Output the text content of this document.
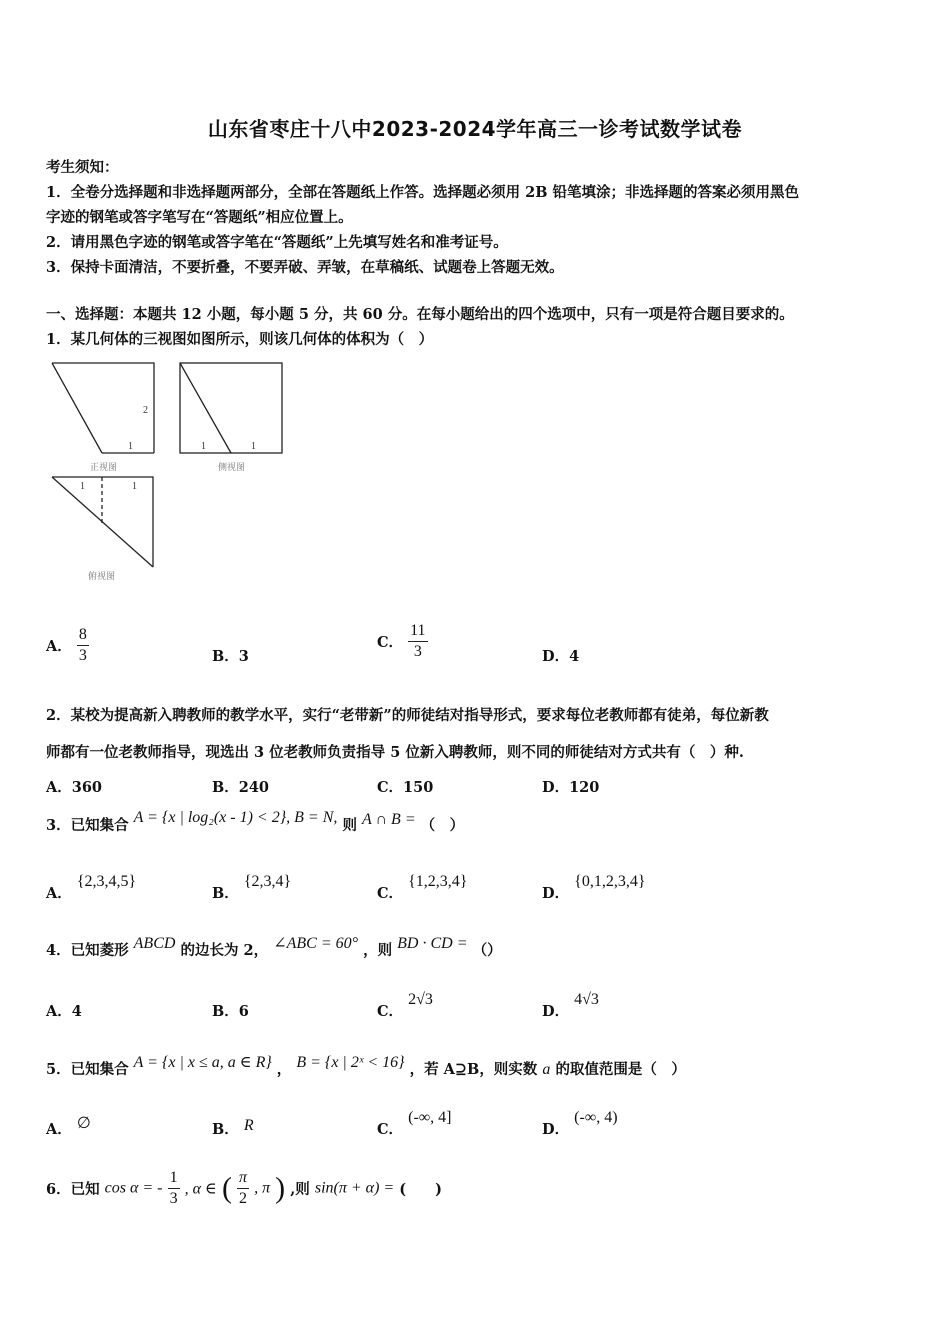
山东省枣庄十八中2023-2024学年高三一诊考试数学试卷
考生须知：
1．全卷分选择题和非选择题两部分，全部在答题纸上作答。选择题必须用 2B 铅笔填涂；非选择题的答案必须用黑色
字迹的钢笔或答字笔写在“答题纸”相应位置上。
2．请用黑色字迹的钢笔或答字笔在“答题纸”上先填写姓名和准考证号。
3．保持卡面清洁，不要折叠，不要弄破、弄皱，在草稿纸、试题卷上答题无效。
一、选择题：本题共 12 小题，每小题 5 分，共 60 分。在每小题给出的四个选项中，只有一项是符合题目要求的。
1．某几何体的三视图如图所示，则该几何体的体积为（　）
2
1
正视图
1	1
侧视图
1	1
俯视图
A． $\frac{8}{3}$	B．3
C． $\frac{11}{3}$	D．4
2．某校为提高新入聘教师的教学水平，实行“老带新”的师徒结对指导形式，要求每位老教师都有徒弟，每位新教
师都有一位老教师指导，现选出 3 位老教师负责指导 5 位新入聘教师，则不同的师徒结对方式共有（　）种.
A．360	B．240	C．150	D．120
3．已知集合 A = {x | log₂(x - 1) < 2}, B = N, 则 A ∩ B = （　）
A． {2,3,4,5}
B． {2,3,4}
C． {1,2,3,4}
D． {0,1,2,3,4}
4．已知菱形 ABCD 的边长为 2， ∠ABC = 60° ，则 BD · CD = （）
A．4	B．6	C． 2√3
D． 4√3
5．已知集合 A = {x | x ≤ a, a ∈ R} ， B = {x | 2ˣ < 16} ，若 A⊇B，则实数 a 的取值范围是（　）
A． ∅	B． R	C． (-∞, 4]
D． (-∞, 4)
6．已知 cos α = - $\frac{1}{3}$ , α ∈ ( $\frac{\pi}{2}$ , π ) ,则 sin(π + α) = (　　)
